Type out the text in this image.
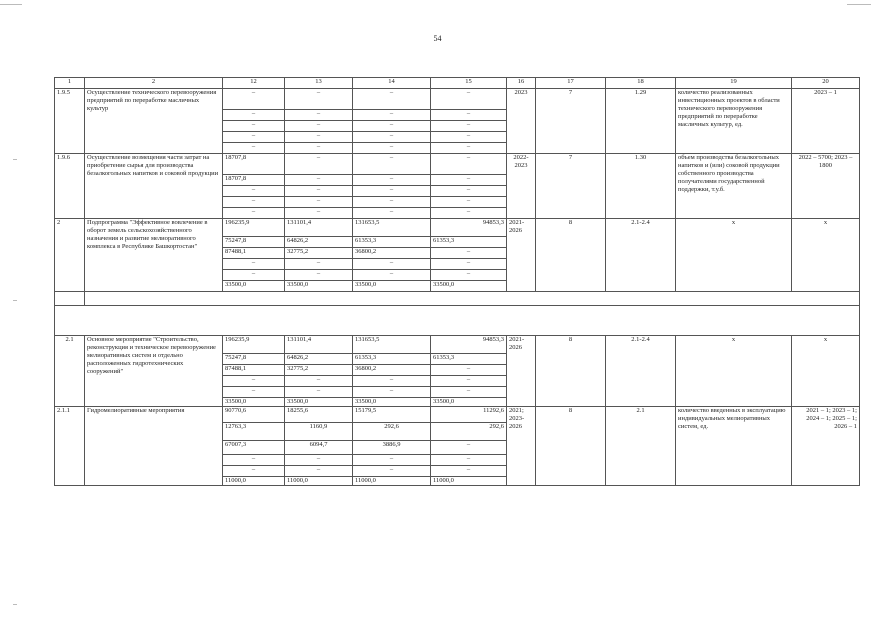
54
1	2	12	13	14	15	16	17	18	19	20
1.9.5	Осуществление технического перевооружения предприятий по переработке масличных культур	–	–	–	–	2023	7	1.29	количество реализованных инвестиционных проектов в области технического перевооружения предприятий по переработке масличных культур, ед.	2023 – 1
		–	–	–	–					
		–	–	–	–					
		–	–	–	–					
		–	–	–	–					
1.9.6	Осуществление возмещения части затрат на приобретение сырья для производства безалкогольных напитков и соковой продукции	18707,8	–	–	–	2022-2023	7	1.30	объем производства безалкогольных напитков и (или) соковой продукции собственного производства получателями государственной поддержки, т.у.б.	2022 – 5700; 2023 – 1800
		18707,8	–	–	–					
		–	–	–	–					
		–	–	–	–					
		–	–	–	–					
2	Подпрограмма "Эффективное вовлечение в оборот земель сельскохозяйственного назначения и развитие мелиоративного комплекса в Республике Башкортостан"	196235,9	131101,4	131653,5	94853,3	2021-2026	8	2.1-2.4	х	х
		75247,8	64826,2	61353,3	61353,3					
		87488,1	32775,2	36800,2	–					
		–	–	–	–					
		–	–	–	–					
		33500,0	33500,0	33500,0	33500,0					

2.1	Основное мероприятие "Строительство, реконструкция и техническое перевооружение мелиоративных систем и отдельно расположенных гидротехнических сооружений"	196235,9	131101,4	131653,5	94853,3	2021-2026	8	2.1-2.4	х	х
		75247,8	64826,2	61353,3	61353,3					
		87488,1	32775,2	36800,2	–					
		–	–	–	–					
		–	–	–	–					
		33500,0	33500,0	33500,0	33500,0					
2.1.1	Гидромелиоративные мероприятия	90770,6	18255,6	15179,5	11292,6	2021; 2023-2026	8	2.1	количество введенных в эксплуатацию индивидуальных мелиоративных систем, ед.	2021 – 1; 2023 – 1; 2024 – 1; 2025 – 1; 2026 – 1
		12763,3	1160,9	292,6	292,6					
		67007,3	6094,7	3886,9	–					
		–	–	–	–					
		–	–	–	–					
		11000,0	11000,0	11000,0	11000,0					
